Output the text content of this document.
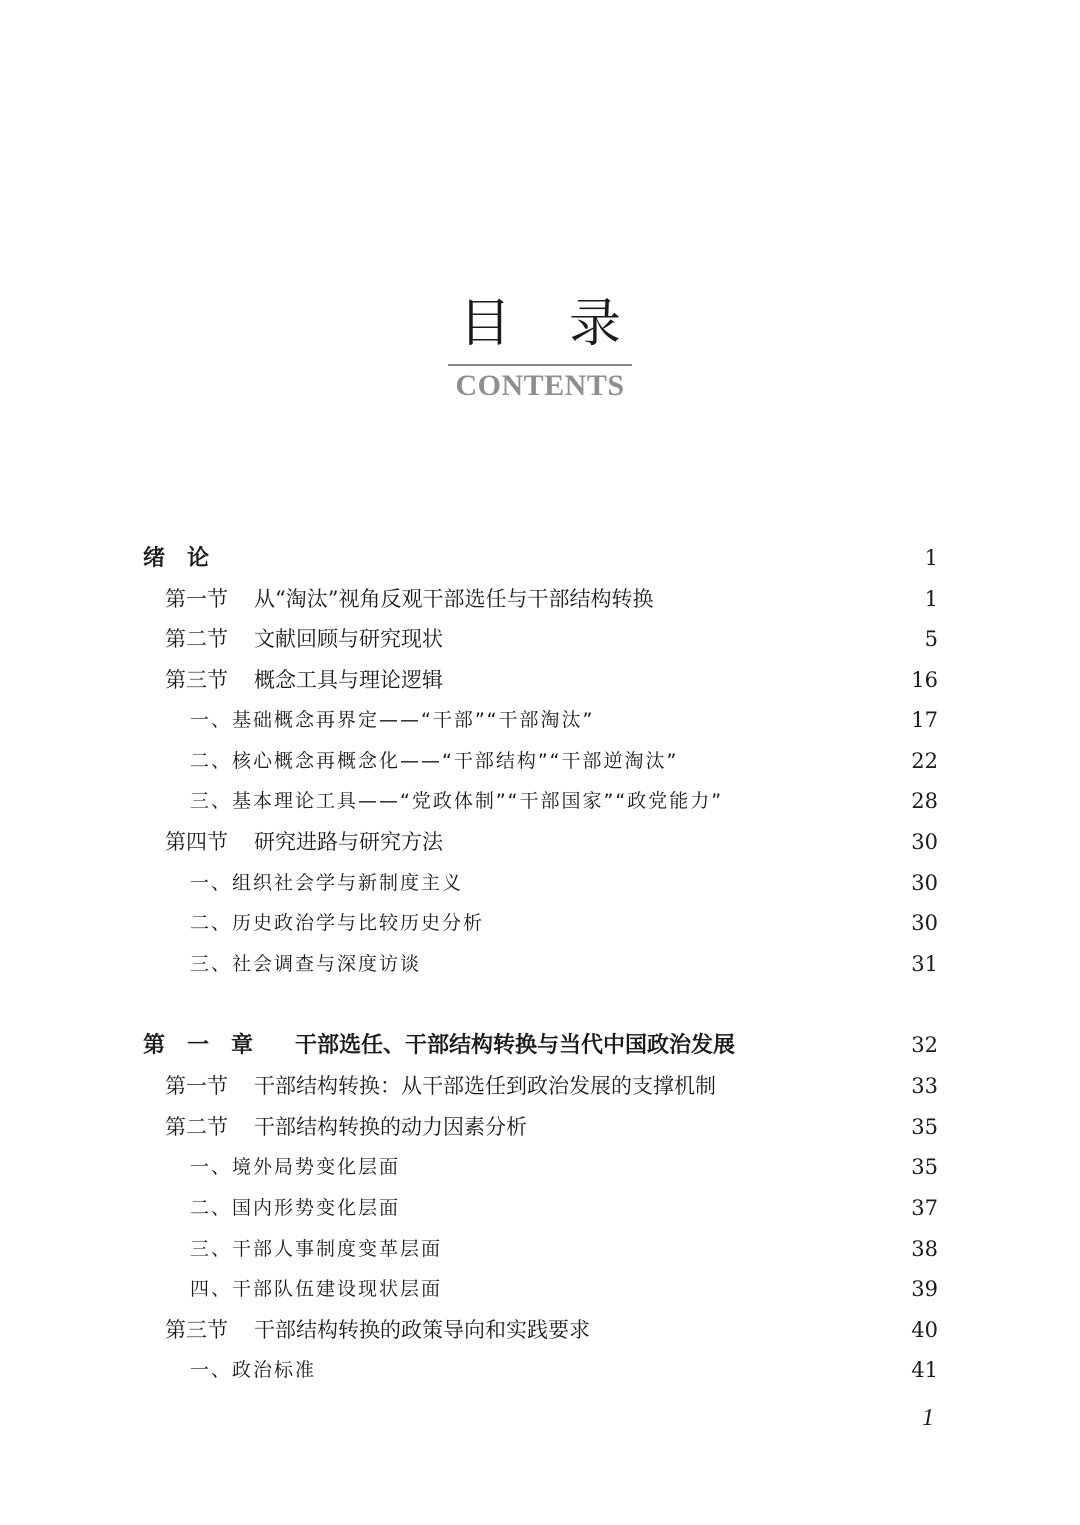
目录
CONTENTS
绪论	1
第一节 从“淘汰”视角反观干部选任与干部结构转换	1
第二节 文献回顾与研究现状	5
第三节 概念工具与理论逻辑	16
一、基础概念再界定——“干部”“干部淘汰”	17
二、核心概念再概念化——“干部结构”“干部逆淘汰”	22
三、基本理论工具——“党政体制”“干部国家”“政党能力”	28
第四节 研究进路与研究方法	30
一、组织社会学与新制度主义	30
二、历史政治学与比较历史分析	30
三、社会调查与深度访谈	31
第一章 干部选任、干部结构转换与当代中国政治发展	32
第一节 干部结构转换：从干部选任到政治发展的支撑机制	33
第二节 干部结构转换的动力因素分析	35
一、境外局势变化层面	35
二、国内形势变化层面	37
三、干部人事制度变革层面	38
四、干部队伍建设现状层面	39
第三节 干部结构转换的政策导向和实践要求	40
一、政治标准	41
1
